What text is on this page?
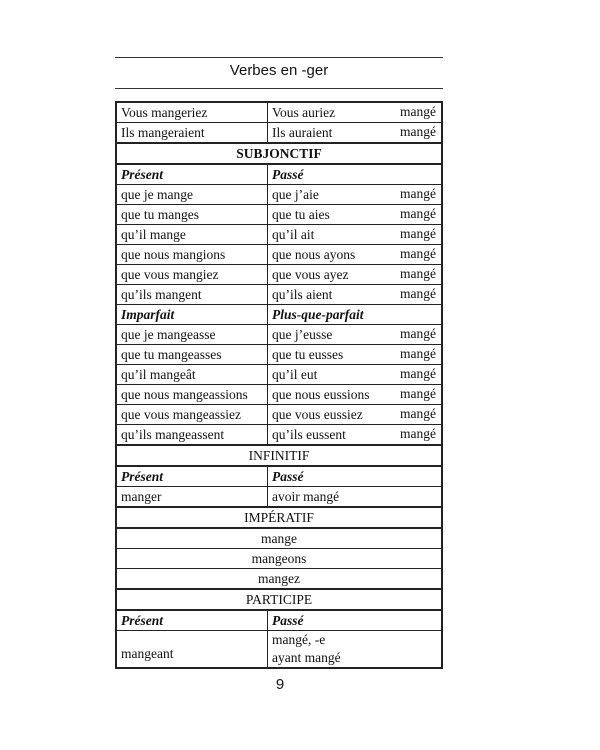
Verbes en -ger
Vous mangeriez	Vous auriez mangé

Ils mangeraient	Ils auraient mangé

SUBJONCTIF	
Présent	Passé
que je mange	que j’aie mangé

que tu manges	que tu aies mangé

qu’il mange	qu’il ait mangé

que nous mangions	que nous ayons mangé

que vous mangiez	que vous ayez mangé

qu’ils mangent	qu’ils aient mangé

Imparfait	Plus-que-parfait
que je mangeasse	que j’eusse mangé

que tu mangeasses	que tu eusses mangé

qu’il mangeât	qu’il eut mangé

que nous mangeassions	que nous eussions mangé

que vous mangeassiez	que vous eussiez mangé

qu’ils mangeassent	qu’ils eussent mangé

INFINITIF	
Présent	Passé
manger	avoir mangé
IMPÉRATIF	
mange	
mangeons	
mangez	
PARTICIPE	
Présent	Passé

mangeant	mangé, -e
ayant mangé
9
